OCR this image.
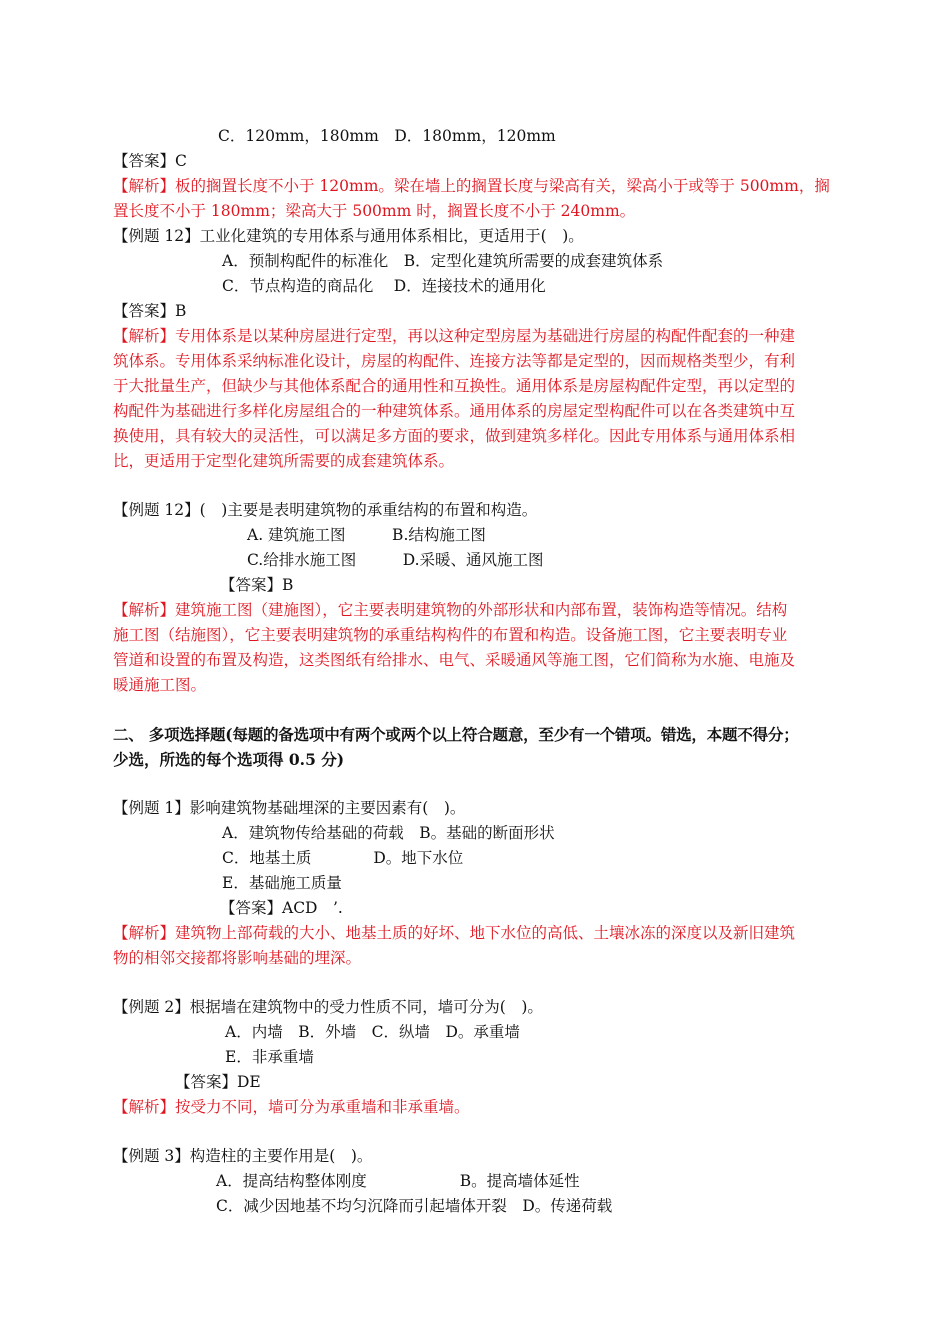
C．120mm，180mm　D．180mm，120mm
【答案】C
【解析】板的搁置长度不小于 120mm。梁在墙上的搁置长度与梁高有关，梁高小于或等于 500mm，搁
置长度不小于 180mm；梁高大于 500mm 时，搁置长度不小于 240mm。
【例题 12】工业化建筑的专用体系与通用体系相比，更适用于(　)。
A．预制构配件的标准化　B．定型化建筑所需要的成套建筑体系
C．节点构造的商品化　 D．连接技术的通用化
【答案】B
【解析】专用体系是以某种房屋进行定型，再以这种定型房屋为基础进行房屋的构配件配套的一种建
筑体系。专用体系采纳标准化设计，房屋的构配件、连接方法等都是定型的，因而规格类型少，有利
于大批量生产，但缺少与其他体系配合的通用性和互换性。通用体系是房屋构配件定型，再以定型的
构配件为基础进行多样化房屋组合的一种建筑体系。通用体系的房屋定型构配件可以在各类建筑中互
换使用，具有较大的灵活性，可以满足多方面的要求，做到建筑多样化。因此专用体系与通用体系相
比，更适用于定型化建筑所需要的成套建筑体系。
【例题 12】(　)主要是表明建筑物的承重结构的布置和构造。
A. 建筑施工图　　　B.结构施工图
C.给排水施工图　　　D.采暖、通风施工图
【答案】B
【解析】建筑施工图（建施图），它主要表明建筑物的外部形状和内部布置，装饰构造等情况。结构
施工图（结施图），它主要表明建筑物的承重结构构件的布置和构造。设备施工图，它主要表明专业
管道和设置的布置及构造，这类图纸有给排水、电气、采暖通风等施工图，它们简称为水施、电施及
暖通施工图。
二、 多项选择题(每题的备选项中有两个或两个以上符合题意，至少有一个错项。错选，本题不得分；
少选，所选的每个选项得 0.5 分)
【例题 1】影响建筑物基础埋深的主要因素有(　)。
A．建筑物传给基础的荷载　B。基础的断面形状
C．地基土质　　　　D。地下水位
E．基础施工质量
【答案】ACD　’.
【解析】建筑物上部荷载的大小、地基土质的好坏、地下水位的高低、土壤冰冻的深度以及新旧建筑
物的相邻交接都将影响基础的埋深。
【例题 2】根据墙在建筑物中的受力性质不同，墙可分为(　)。
A．内墙　B．外墙　C．纵墙　D。承重墙
E．非承重墙
【答案】DE
【解析】按受力不同，墙可分为承重墙和非承重墙。
【例题 3】构造柱的主要作用是(　)。
A．提高结构整体刚度　　　　　　B。提高墙体延性
C．减少因地基不均匀沉降而引起墙体开裂　D。传递荷载
